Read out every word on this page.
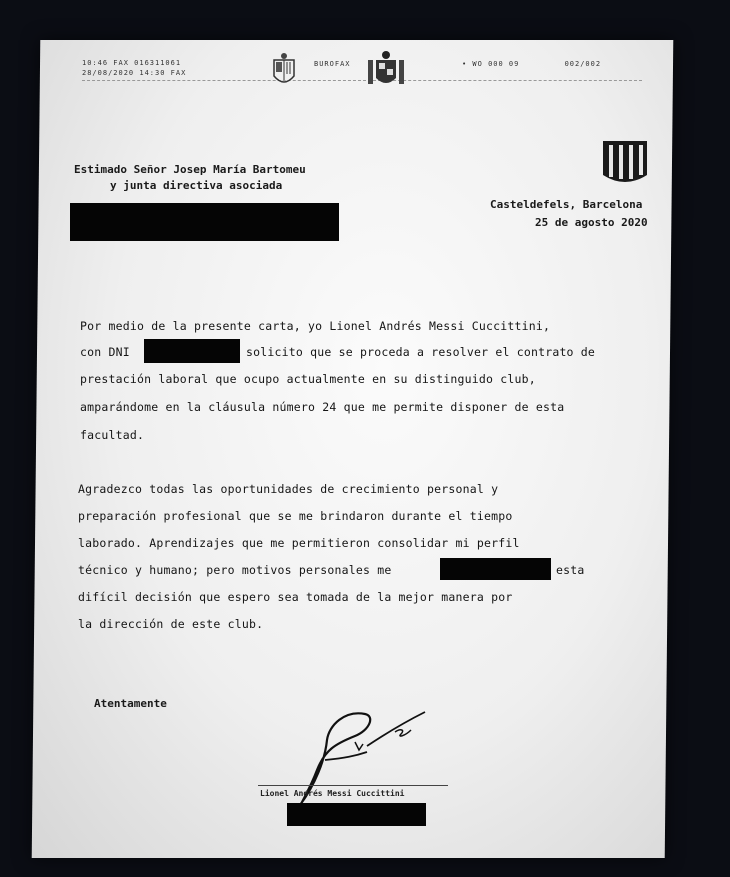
10:46 FAX 016311061
28/08/2020 14:30 FAX
BUROFAX	• WO 000 09	002/002
Estimado Señor Josep María Bartomeu
y junta directiva asociada
Casteldefels, Barcelona
25 de agosto 2020
Por medio de la presente carta, yo Lionel Andrés Messi Cuccittini,
con DNI	solicito que se proceda a resolver el contrato de
prestación laboral que ocupo actualmente en su distinguido club,
amparándome en la cláusula número 24 que me permite disponer de esta
facultad.
Agradezco todas las oportunidades de crecimiento personal y
preparación profesional que se me brindaron durante el tiempo
laborado. Aprendizajes que me permitieron consolidar mi perfil
técnico y humano; pero motivos personales me	esta
difícil decisión que espero sea tomada de la mejor manera por
la dirección de este club.
Atentamente
Lionel Andrés Messi Cuccittini
